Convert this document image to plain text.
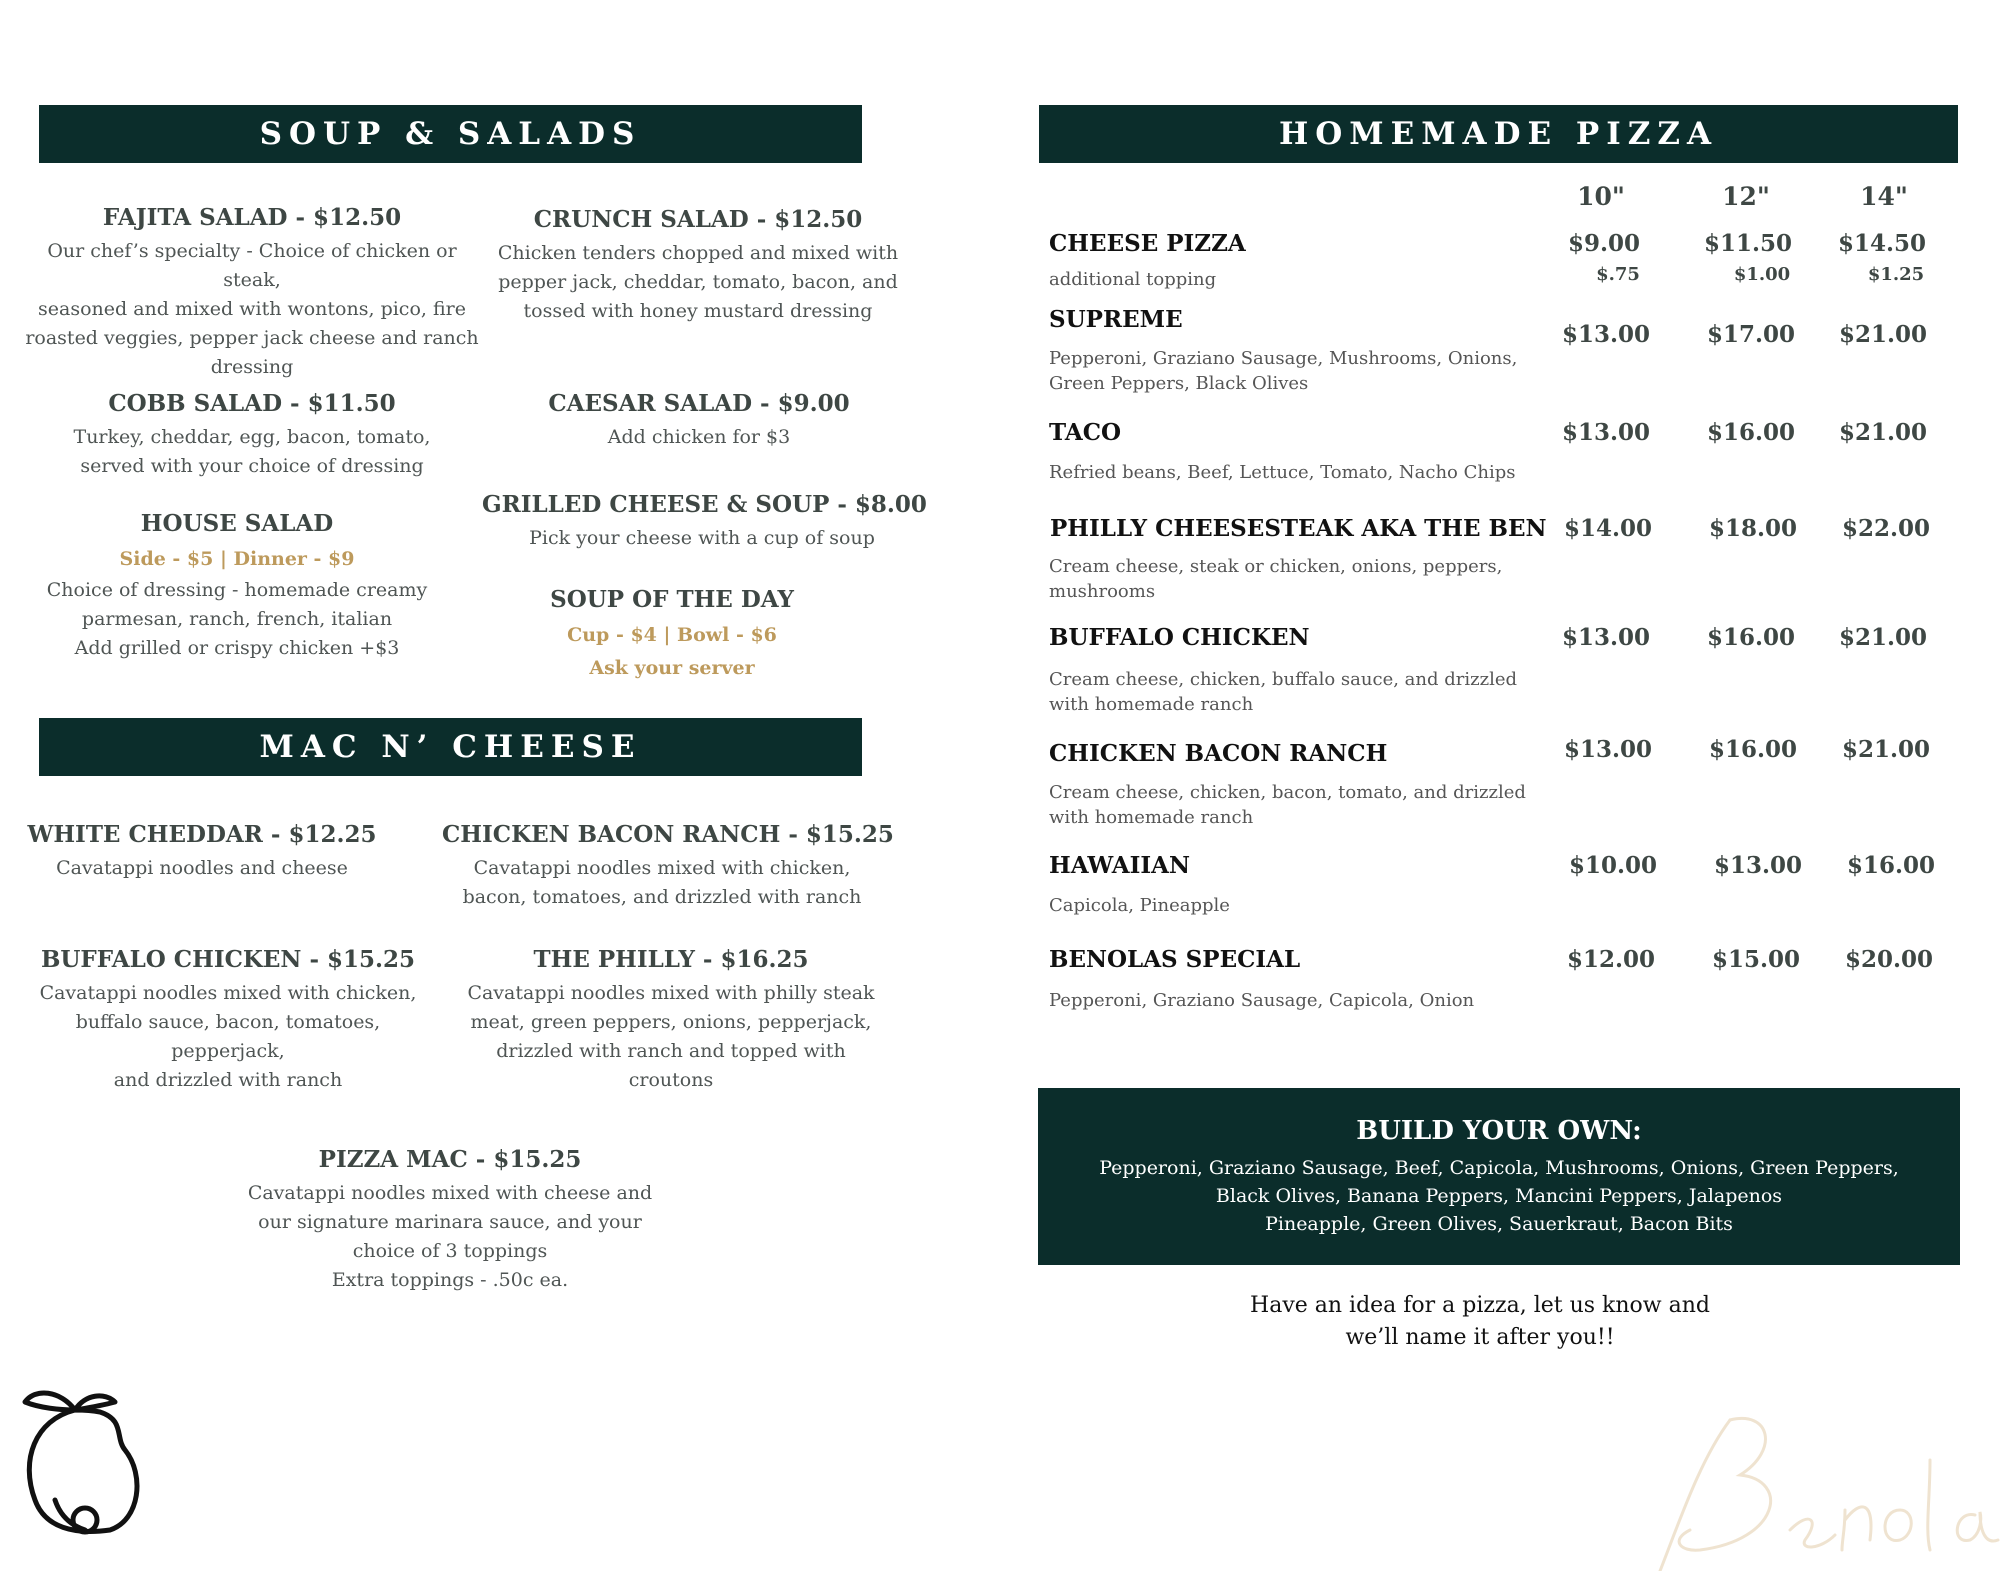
SOUP & SALADS
FAJITA SALAD - $12.50
Our chef’s specialty - Choice of chicken or steak,
seasoned and mixed with wontons, pico, fire
roasted veggies, pepper jack cheese and ranch
dressing
CRUNCH SALAD - $12.50
Chicken tenders chopped and mixed with
pepper jack, cheddar, tomato, bacon, and
tossed with honey mustard dressing
COBB SALAD - $11.50
Turkey, cheddar, egg, bacon, tomato,
served with your choice of dressing
CAESAR SALAD - $9.00
Add chicken for $3
HOUSE SALAD
Side - $5 | Dinner - $9
Choice of dressing - homemade creamy
parmesan, ranch, french, italian
Add grilled or crispy chicken +$3
GRILLED CHEESE & SOUP - $8.00
Pick your cheese with a cup of soup
SOUP OF THE DAY
Cup - $4 | Bowl - $6
Ask your server
MAC N’ CHEESE
WHITE CHEDDAR - $12.25
Cavatappi noodles and cheese
CHICKEN BACON RANCH - $15.25
Cavatappi noodles mixed with chicken,
bacon, tomatoes, and drizzled with ranch
BUFFALO CHICKEN - $15.25
Cavatappi noodles mixed with chicken,
buffalo sauce, bacon, tomatoes, pepperjack,
and drizzled with ranch
THE PHILLY - $16.25
Cavatappi noodles mixed with philly steak
meat, green peppers, onions, pepperjack,
drizzled with ranch and topped with
croutons
PIZZA MAC - $15.25
Cavatappi noodles mixed with cheese and
our signature marinara sauce, and your
choice of 3 toppings
Extra toppings - .50c ea.
HOMEMADE PIZZA
10"	12"	14"
CHEESE PIZZA
additional topping
$9.00	$11.50	$14.50
$.75	$1.00	$1.25
SUPREME
Pepperoni, Graziano Sausage, Mushrooms, Onions, Green Peppers, Black Olives
$13.00	$17.00	$21.00
TACO
Refried beans, Beef, Lettuce, Tomato, Nacho Chips
$13.00	$16.00	$21.00
PHILLY CHEESESTEAK AKA THE BEN
Cream cheese, steak or chicken, onions, peppers, mushrooms
$14.00	$18.00	$22.00
BUFFALO CHICKEN
Cream cheese, chicken, buffalo sauce, and drizzled with homemade ranch
$13.00	$16.00	$21.00
CHICKEN BACON RANCH
Cream cheese, chicken, bacon, tomato, and drizzled with homemade ranch
$13.00	$16.00	$21.00
HAWAIIAN
Capicola, Pineapple
$10.00	$13.00	$16.00
BENOLAS SPECIAL
Pepperoni, Graziano Sausage, Capicola, Onion
$12.00	$15.00	$20.00
BUILD YOUR OWN:
Pepperoni, Graziano Sausage, Beef, Capicola, Mushrooms, Onions, Green Peppers,
Black Olives, Banana Peppers, Mancini Peppers, Jalapenos
Pineapple, Green Olives, Sauerkraut, Bacon Bits
Have an idea for a pizza, let us know and
we’ll name it after you!!
